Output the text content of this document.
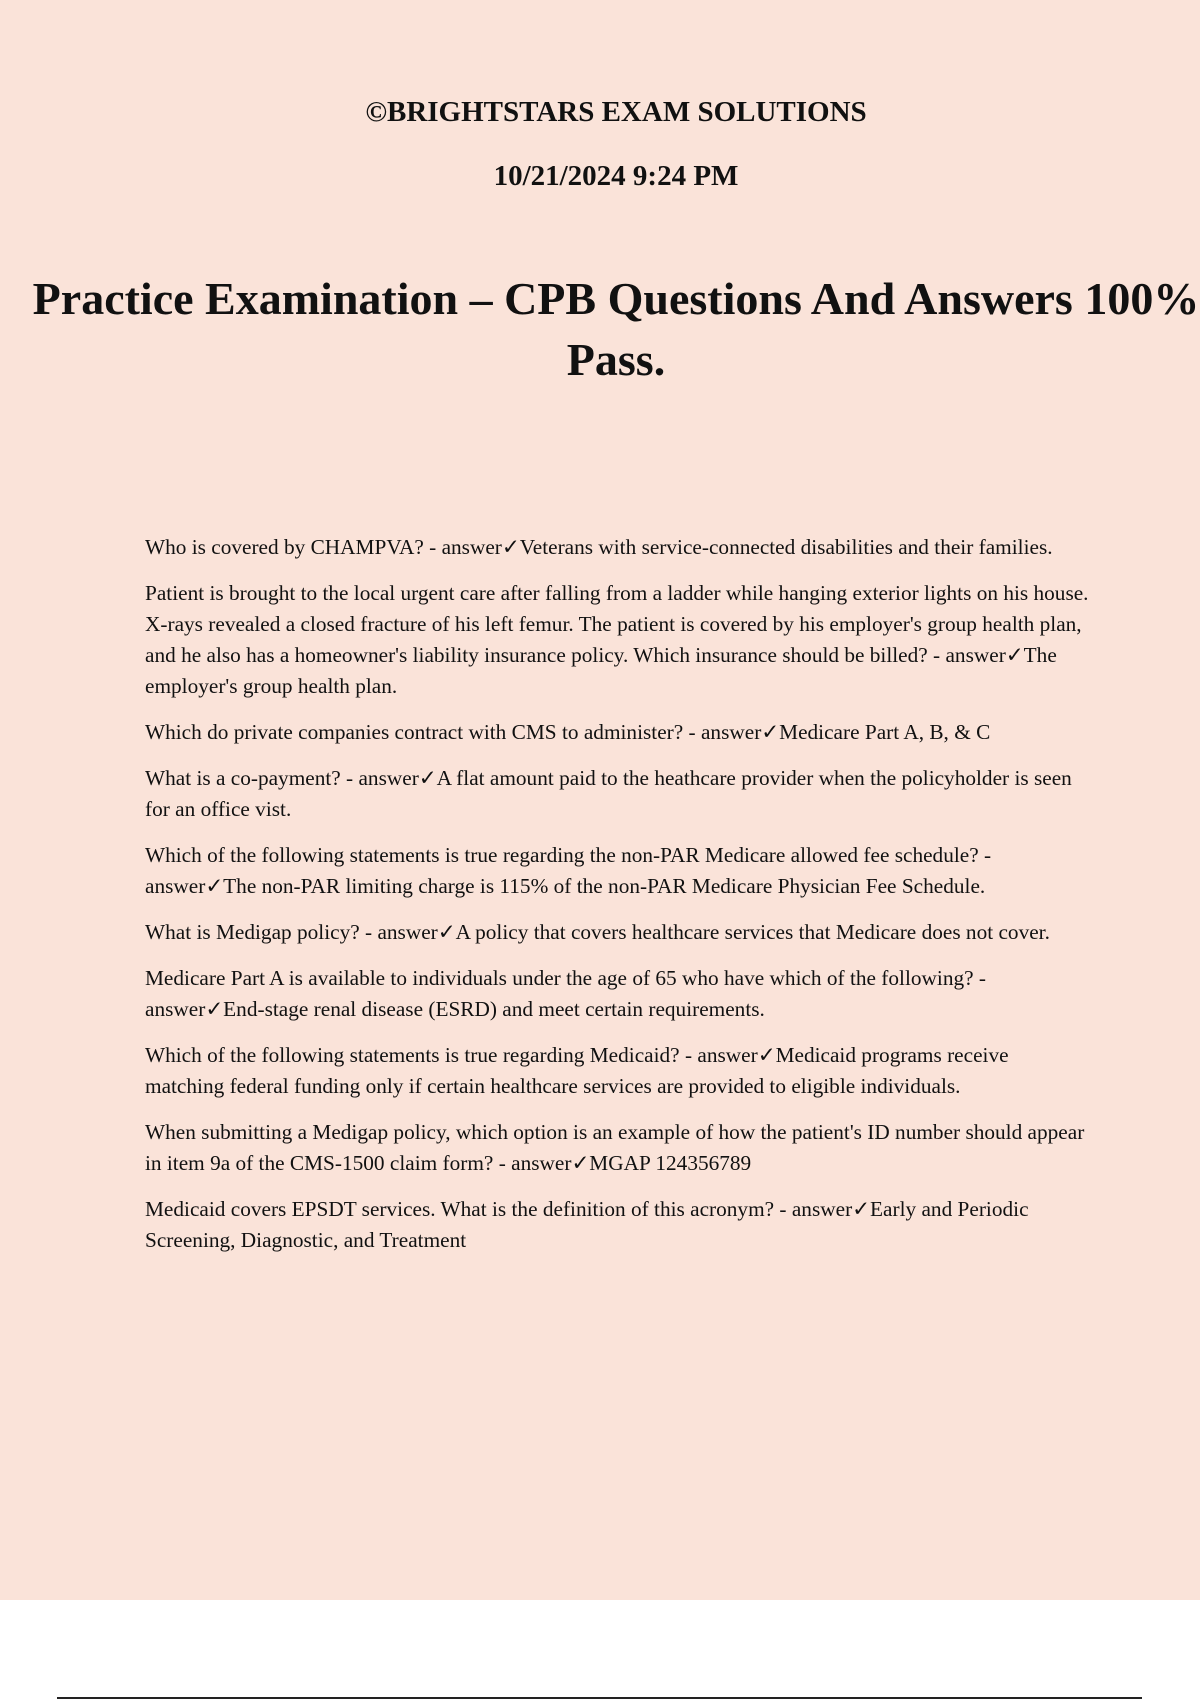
©BRIGHTSTARS EXAM SOLUTIONS

10/21/2024 9:24 PM

Practice Examination – CPB Questions And Answers 100% Pass.
Who is covered by CHAMPVA? - answer✓Veterans with service-connected disabilities and their families.
Patient is brought to the local urgent care after falling from a ladder while hanging exterior lights on his house. X-rays revealed a closed fracture of his left femur. The patient is covered by his employer's group health plan, and he also has a homeowner's liability insurance policy. Which insurance should be billed? - answer✓The employer's group health plan.
Which do private companies contract with CMS to administer? - answer✓Medicare Part A, B, & C
What is a co-payment? - answer✓A flat amount paid to the heathcare provider when the policyholder is seen for an office vist.
Which of the following statements is true regarding the non-PAR Medicare allowed fee schedule? - answer✓The non-PAR limiting charge is 115% of the non-PAR Medicare Physician Fee Schedule.
What is Medigap policy? - answer✓A policy that covers healthcare services that Medicare does not cover.
Medicare Part A is available to individuals under the age of 65 who have which of the following? - answer✓End-stage renal disease (ESRD) and meet certain requirements.
Which of the following statements is true regarding Medicaid? - answer✓Medicaid programs receive matching federal funding only if certain healthcare services are provided to eligible individuals.
When submitting a Medigap policy, which option is an example of how the patient's ID number should appear in item 9a of the CMS-1500 claim form? - answer✓MGAP 124356789
Medicaid covers EPSDT services. What is the definition of this acronym? - answer✓Early and Periodic Screening, Diagnostic, and Treatment
